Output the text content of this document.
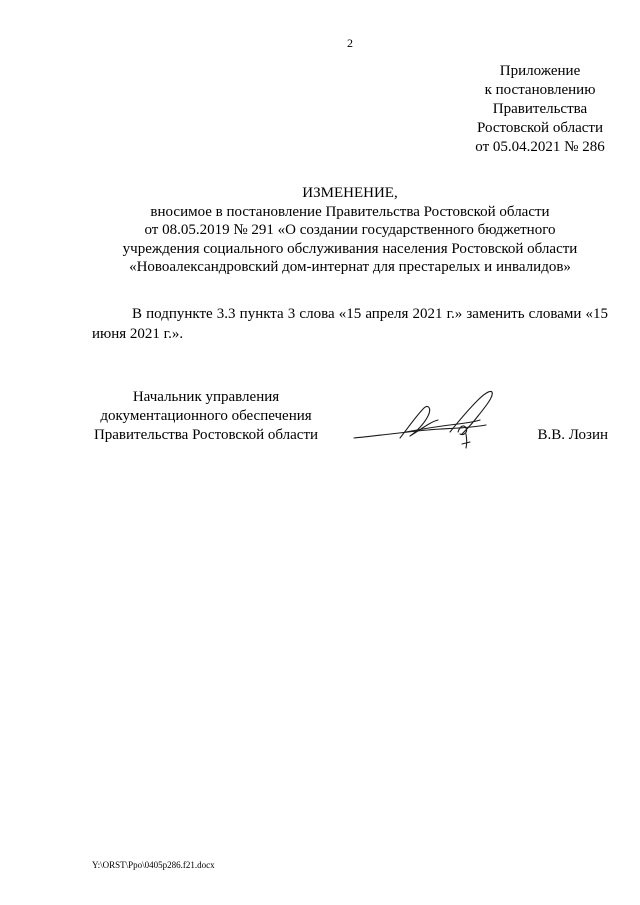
2
Приложение
к постановлению
Правительства
Ростовской области
от 05.04.2021 № 286
ИЗМЕНЕНИЕ,
вносимое в постановление Правительства Ростовской области
от 08.05.2019 № 291 «О создании государственного бюджетного
учреждения социального обслуживания населения Ростовской области
«Новоалександровский дом-интернат для престарелых и инвалидов»
В подпункте 3.3 пункта 3 слова «15 апреля 2021 г.» заменить словами «15 июня 2021 г.».
Начальник управления
документационного обеспечения
Правительства Ростовской области	В.В. Лозин
Y:\ORST\Ppo\0405p286.f21.docx
